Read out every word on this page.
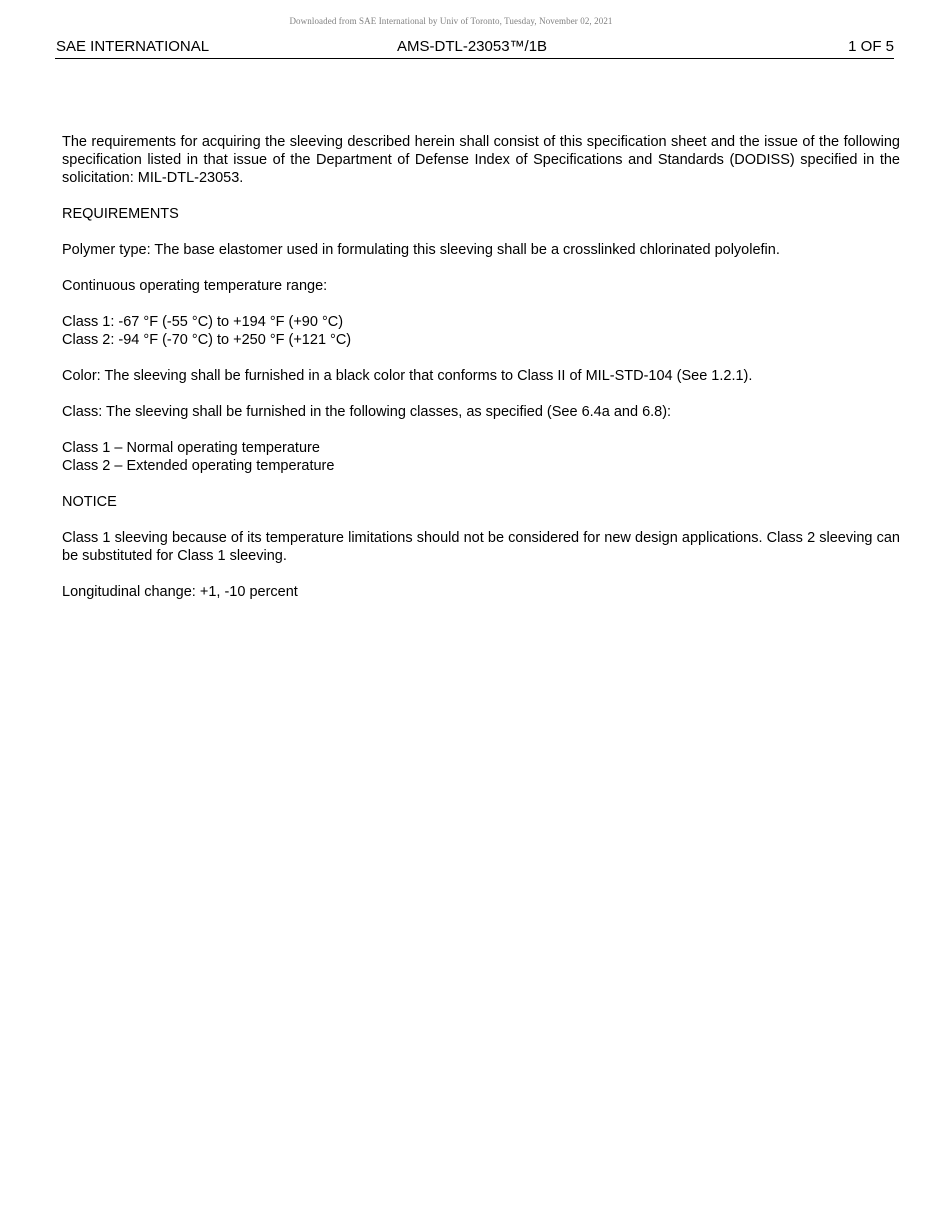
Downloaded from SAE International by Univ of Toronto, Tuesday, November 02, 2021
SAE INTERNATIONAL	AMS-DTL-23053™/1B	1 OF 5

The requirements for acquiring the sleeving described herein shall consist of this specification sheet and the issue of the following specification listed in that issue of the Department of Defense Index of Specifications and Standards (DODISS) specified in the solicitation: MIL-DTL-23053.

REQUIREMENTS

Polymer type: The base elastomer used in formulating this sleeving shall be a crosslinked chlorinated polyolefin.

Continuous operating temperature range:

Class 1: -67 °F (-55 °C) to +194 °F (+90 °C)
Class 2: -94 °F (-70 °C) to +250 °F (+121 °C)

Color: The sleeving shall be furnished in a black color that conforms to Class II of MIL-STD-104 (See 1.2.1).

Class: The sleeving shall be furnished in the following classes, as specified (See 6.4a and 6.8):

Class 1 – Normal operating temperature
Class 2 – Extended operating temperature

NOTICE

Class 1 sleeving because of its temperature limitations should not be considered for new design applications. Class 2 sleeving can be substituted for Class 1 sleeving.

Longitudinal change: +1, -10 percent
